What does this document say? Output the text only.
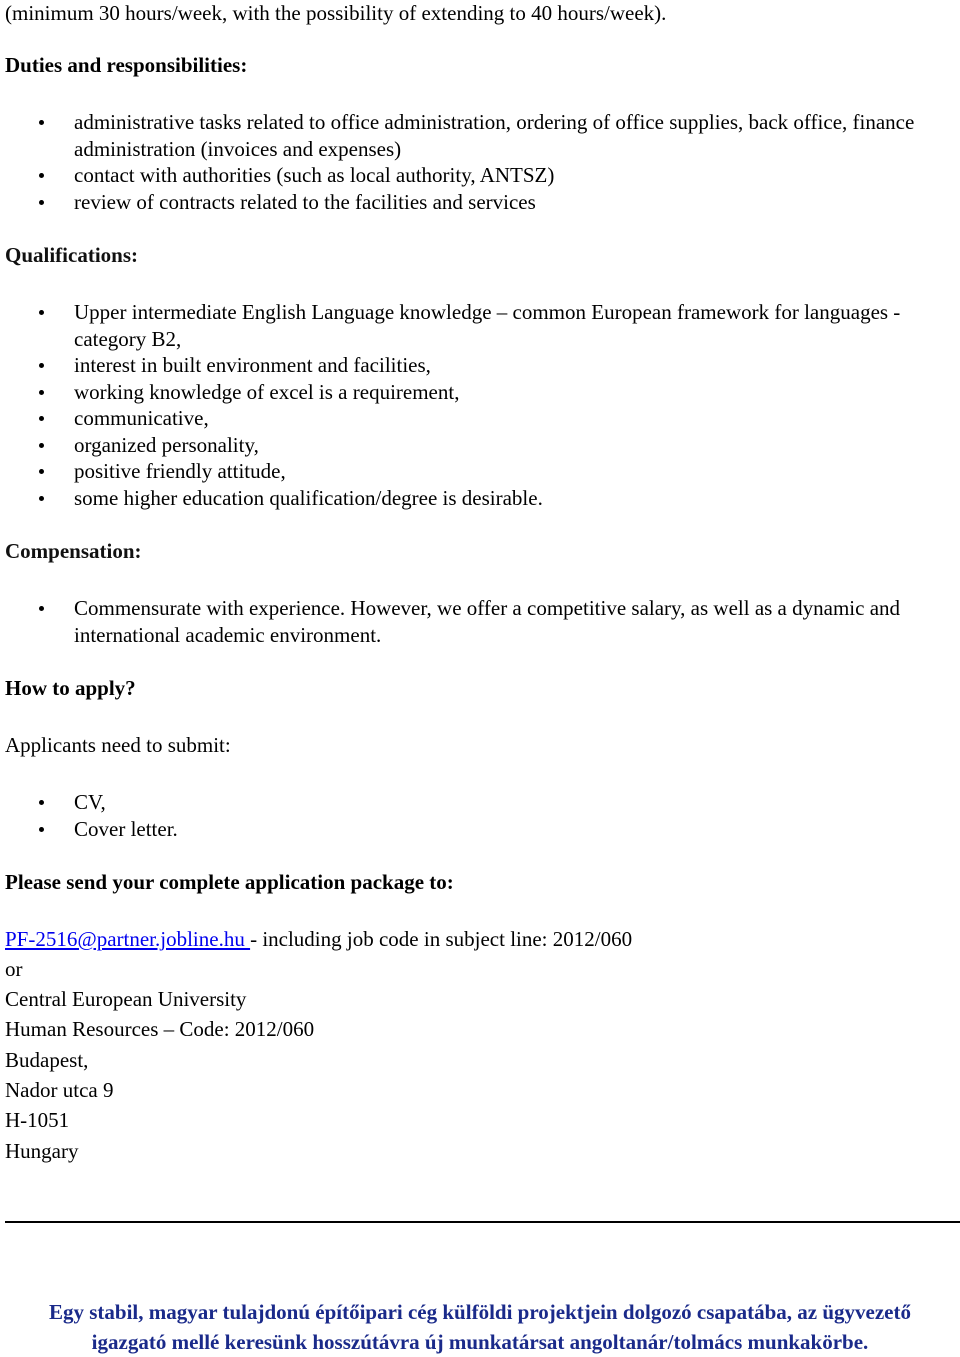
(minimum 30 hours/week, with the possibility of extending to 40 hours/week).
Duties and responsibilities:
administrative tasks related to office administration, ordering of office supplies, back office, finance administration (invoices and expenses)
contact with authorities (such as local authority, ANTSZ)
review of contracts related to the facilities and services
Qualifications:
Upper intermediate English Language knowledge – common European framework for languages - category B2,
interest in built environment and facilities,
working knowledge of excel is a requirement,
communicative,
organized personality,
positive friendly attitude,
some higher education qualification/degree is desirable.
Compensation:
Commensurate with experience. However, we offer a competitive salary, as well as a dynamic and international academic environment.
How to apply?
Applicants need to submit:
CV,
Cover letter.
Please send your complete application package to:
PF-2516@partner.jobline.hu - including job code in subject line: 2012/060
or
Central European University
Human Resources – Code: 2012/060
Budapest,
Nador utca 9
H-1051
Hungary
Egy stabil, magyar tulajdonú építőipari cég külföldi projektjein dolgozó csapatába, az ügyvezető
igazgató mellé keresünk hosszútávra új munkatársat angoltanár/tolmács munkakörbe.
